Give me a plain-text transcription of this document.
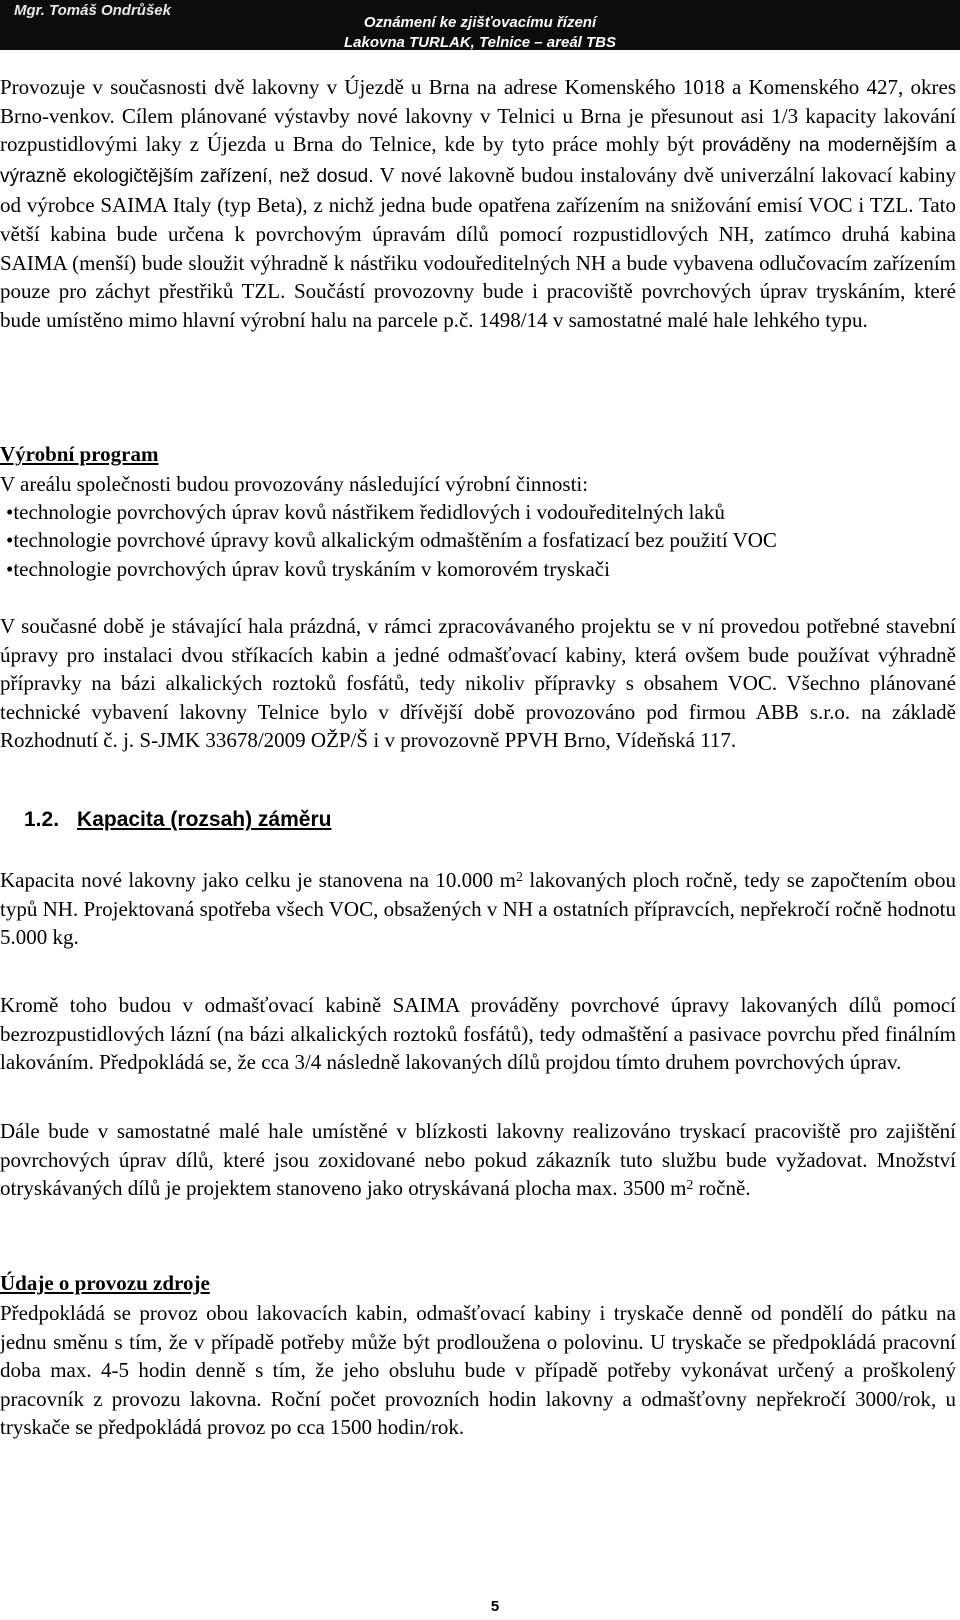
Mgr. Tomáš Ondrůšek
Oznámení ke zjišťovacímu řízení
Lakovna TURLAK, Telnice – areál TBS

Provozuje v současnosti dvě lakovny v Újezdě u Brna na adrese Komenského 1018 a Komenského 427, okres Brno-venkov. Cílem plánované výstavby nové lakovny v Telnici u Brna je přesunout asi 1/3 kapacity lakování rozpustidlovými laky z Újezda u Brna do Telnice, kde by tyto práce mohly být prováděny na modernějším a výrazně ekologičtějším zařízení, než dosud. V nové lakovně budou instalovány dvě univerzální lakovací kabiny od výrobce SAIMA Italy (typ Beta), z nichž jedna bude opatřena zařízením na snižování emisí VOC i TZL. Tato větší kabina bude určena k povrchovým úpravám dílů pomocí rozpustidlových NH, zatímco druhá kabina SAIMA (menší) bude sloužit výhradně k nástřiku vodouředitelných NH a bude vybavena odlučovacím zařízením pouze pro záchyt přestřiků TZL. Součástí provozovny bude i pracoviště povrchových úprav tryskáním, které bude umístěno mimo hlavní výrobní halu na parcele p.č. 1498/14 v samostatné malé hale lehkého typu.

Výrobní program

V areálu společnosti budou provozovány následující výrobní činnosti:

•technologie povrchových úprav kovů nástřikem ředidlových i vodouředitelných laků
•technologie povrchové úpravy kovů alkalickým odmaštěním a fosfatizací bez použití VOC
•technologie povrchových úprav kovů tryskáním v komorovém tryskači

V současné době je stávající hala prázdná, v rámci zpracovávaného projektu se v ní provedou potřebné stavební úpravy pro instalaci dvou stříkacích kabin a jedné odmašťovací kabiny, která ovšem bude používat výhradně přípravky na bázi alkalických roztoků fosfátů, tedy nikoliv přípravky s obsahem VOC. Všechno plánované technické vybavení lakovny Telnice bylo v dřívější době provozováno pod firmou ABB s.r.o. na základě Rozhodnutí č. j. S-JMK 33678/2009 OŽP/Š i v provozovně PPVH Brno, Vídeňská 117.

1.2. Kapacita (rozsah) záměru

Kapacita nové lakovny jako celku je stanovena na 10.000 $m^2$ lakovaných ploch ročně, tedy se započtením obou typů NH. Projektovaná spotřeba všech VOC, obsažených v NH a ostatních přípravcích, nepřekročí ročně hodnotu 5.000 kg.

Kromě toho budou v odmašťovací kabině SAIMA prováděny povrchové úpravy lakovaných dílů pomocí bezrozpustidlových lázní (na bázi alkalických roztoků fosfátů), tedy odmaštění a pasivace povrchu před finálním lakováním. Předpokládá se, že cca 3/4 následně lakovaných dílů projdou tímto druhem povrchových úprav.

Dále bude v samostatné malé hale umístěné v blízkosti lakovny realizováno tryskací pracoviště pro zajištění povrchových úprav dílů, které jsou zoxidované nebo pokud zákazník tuto službu bude vyžadovat. Množství otryskávaných dílů je projektem stanoveno jako otryskávaná plocha max. 3500 $m^2$ ročně.

Údaje o provozu zdroje

Předpokládá se provoz obou lakovacích kabin, odmašťovací kabiny i tryskače denně od pondělí do pátku na jednu směnu s tím, že v případě potřeby může být prodloužena o polovinu. U tryskače se předpokládá pracovní doba max. 4-5 hodin denně s tím, že jeho obsluhu bude v případě potřeby vykonávat určený a proškolený pracovník z provozu lakovna. Roční počet provozních hodin lakovny a odmašťovny nepřekročí 3000/rok, u tryskače se předpokládá provoz po cca 1500 hodin/rok.

5
